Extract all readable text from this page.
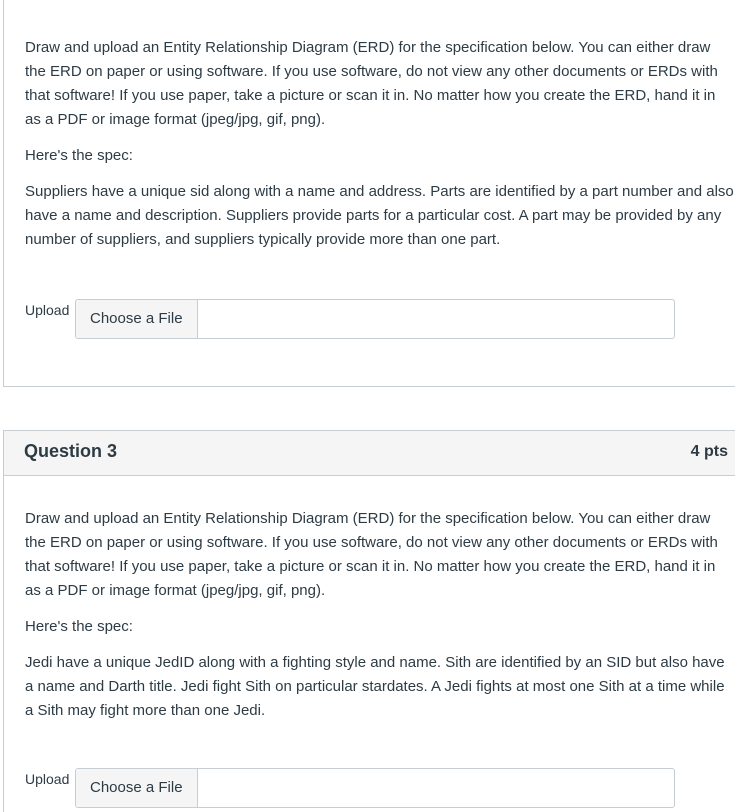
Draw and upload an Entity Relationship Diagram (ERD) for the specification below. You can either draw the ERD on paper or using software. If you use software, do not view any other documents or ERDs with that software! If you use paper, take a picture or scan it in. No matter how you create the ERD, hand it in as a PDF or image format (jpeg/jpg, gif, png).

Here's the spec:

Suppliers have a unique sid along with a name and address. Parts are identified by a part number and also have a name and description. Suppliers provide parts for a particular cost. A part may be provided by any number of suppliers, and suppliers typically provide more than one part.

Upload	Choose a File
Question 3	4 pts

Draw and upload an Entity Relationship Diagram (ERD) for the specification below. You can either draw the ERD on paper or using software. If you use software, do not view any other documents or ERDs with that software! If you use paper, take a picture or scan it in. No matter how you create the ERD, hand it in as a PDF or image format (jpeg/jpg, gif, png).

Here's the spec:

Jedi have a unique JedID along with a fighting style and name. Sith are identified by an SID but also have a name and Darth title. Jedi fight Sith on particular stardates. A Jedi fights at most one Sith at a time while a Sith may fight more than one Jedi.

Upload	Choose a File
